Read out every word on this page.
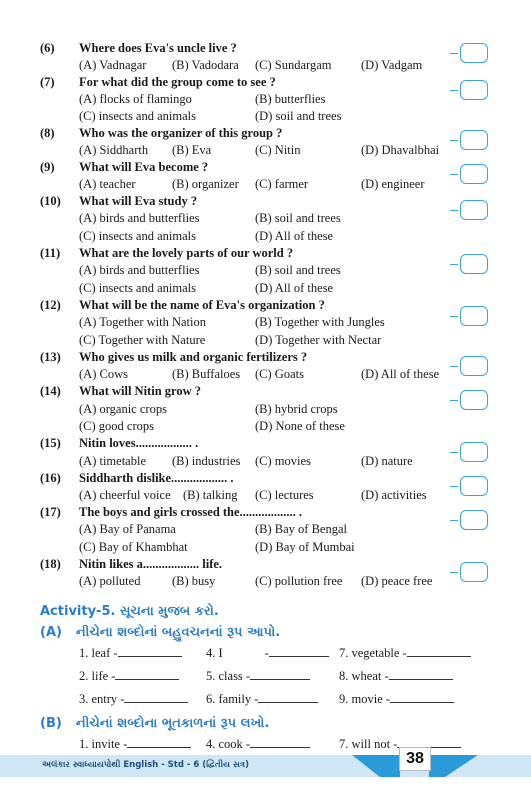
(6) Where does Eva's uncle live ?
(A) Vadnagar (B) Vadodara (C) Sundargam (D) Vadgam
(7) For what did the group come to see ?
(A) flocks of flamingo	(B) butterflies
(C) insects and animals	(D) soil and trees
(8) Who was the organizer of this group ?
(A) Siddharth (B) Eva	(C) Nitin	(D) Dhavalbhai
(9) What will Eva become ?
(A) teacher	(B) organizer (C) farmer	(D) engineer
(10) What will Eva study ?
(A) birds and butterflies	(B) soil and trees
(C) insects and animals	(D) All of these
(11) What are the lovely parts of our world ?
(A) birds and butterflies	(B) soil and trees
(C) insects and animals	(D) All of these
(12) What will be the name of Eva's organization ?
(A) Together with Nation	(B) Together with Jungles
(C) Together with Nature	(D) Together with Nectar
(13) Who gives us milk and organic fertilizers ?
(A) Cows	(B) Buffaloes (C) Goats	(D) All of these
(14) What will Nitin grow ?
(A) organic crops	(B) hybrid crops
(C) good crops	(D) None of these
(15) Nitin loves.................. .
(A) timetable (B) industries (C) movies	(D) nature
(16) Siddharth dislike.................. .
(A) cheerful voice (B) talking (C) lectures	(D) activities
(17) The boys and girls crossed the.................. .
(A) Bay of Panama	(B) Bay of Bengal
(C) Bay of Khambhat	(D) Bay of Mumbai
(18) Nitin likes a.................. life.
(A) polluted	(B) busy	(C) pollution free (D) peace free
Activity-5. સૂચના મુજબ કરો.
(A) નીચેના શબ્દોનાં બહુવચનનાં રૂપ આપો.
1. leaf -	4. I	-	7. vegetable -
2. life -	5. class -	8. wheat -
3. entry -	6. family -	9. movie -
(B) નીચેનાં શબ્દોના ભૂતકાળનાં રૂપ લખો.
1. invite -	4. cook -	7. will not -
અલંકાર સ્વાધ્યાયપોથી English - Std - 6 (દ્વિતીય સત્ર)	38
